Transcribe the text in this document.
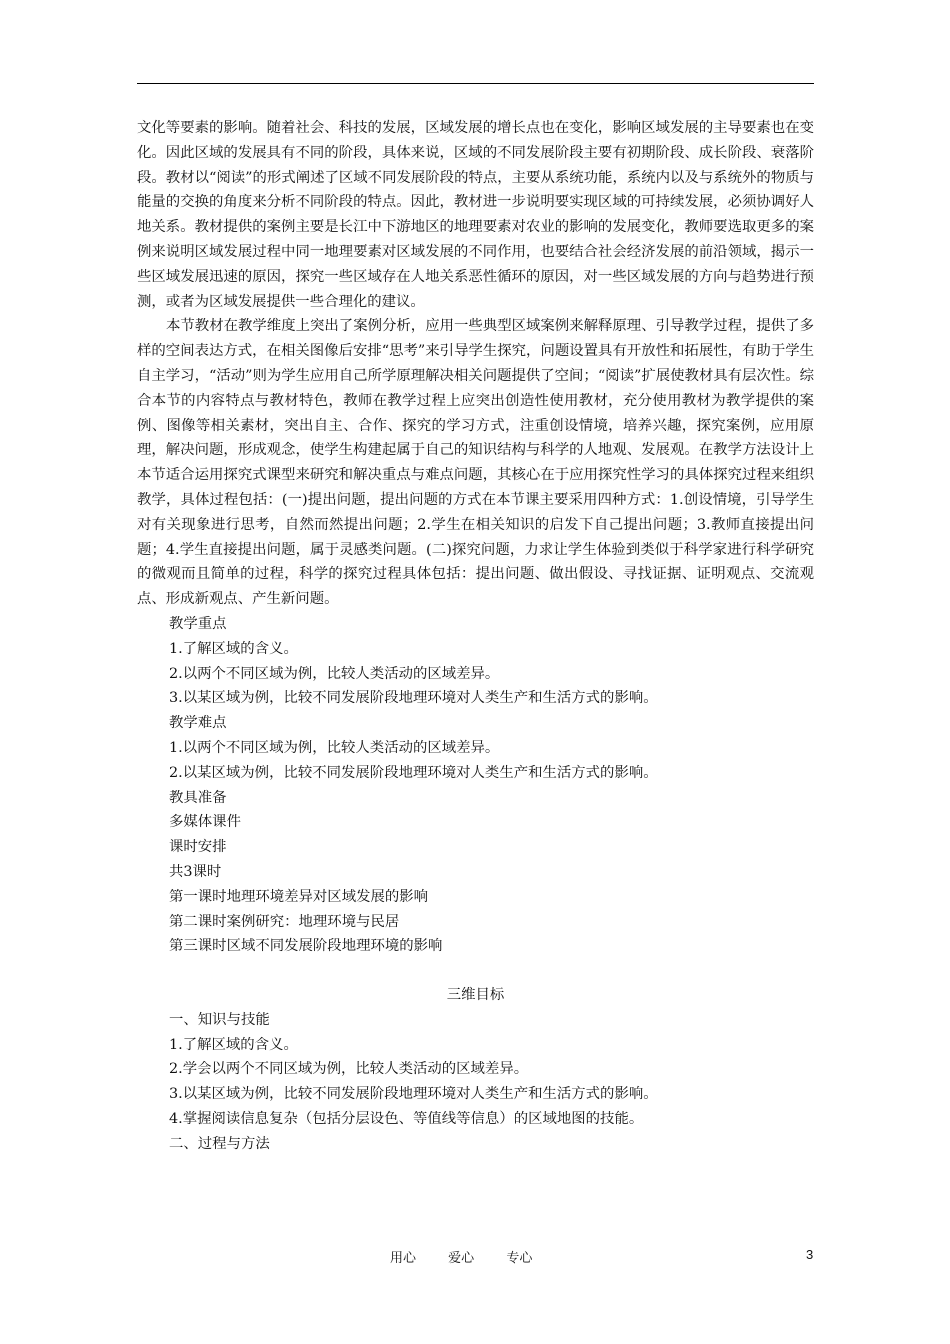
文化等要素的影响。随着社会、科技的发展，区域发展的增长点也在变化，影响区域发展的主导要素也在变化。因此区域的发展具有不同的阶段，具体来说，区域的不同发展阶段主要有初期阶段、成长阶段、衰落阶段。教材以“阅读”的形式阐述了区域不同发展阶段的特点，主要从系统功能，系统内以及与系统外的物质与能量的交换的角度来分析不同阶段的特点。因此，教材进一步说明要实现区域的可持续发展，必须协调好人地关系。教材提供的案例主要是长江中下游地区的地理要素对农业的影响的发展变化，教师要选取更多的案例来说明区域发展过程中同一地理要素对区域发展的不同作用，也要结合社会经济发展的前沿领域，揭示一些区域发展迅速的原因，探究一些区域存在人地关系恶性循环的原因，对一些区域发展的方向与趋势进行预测，或者为区域发展提供一些合理化的建议。

本节教材在教学维度上突出了案例分析，应用一些典型区域案例来解释原理、引导教学过程，提供了多样的空间表达方式，在相关图像后安排“思考”来引导学生探究，问题设置具有开放性和拓展性，有助于学生自主学习，“活动”则为学生应用自己所学原理解决相关问题提供了空间；“阅读”扩展使教材具有层次性。综合本节的内容特点与教材特色，教师在教学过程上应突出创造性使用教材，充分使用教材为教学提供的案例、图像等相关素材，突出自主、合作、探究的学习方式，注重创设情境，培养兴趣，探究案例，应用原理，解决问题，形成观念，使学生构建起属于自己的知识结构与科学的人地观、发展观。在教学方法设计上本节适合运用探究式课型来研究和解决重点与难点问题，其核心在于应用探究性学习的具体探究过程来组织教学，具体过程包括：(一)提出问题，提出问题的方式在本节课主要采用四种方式：1.创设情境，引导学生对有关现象进行思考，自然而然提出问题；2.学生在相关知识的启发下自己提出问题；3.教师直接提出问题；4.学生直接提出问题，属于灵感类问题。(二)探究问题，力求让学生体验到类似于科学家进行科学研究的微观而且简单的过程，科学的探究过程具体包括：提出问题、做出假设、寻找证据、证明观点、交流观点、形成新观点、产生新问题。

教学重点

1.了解区域的含义。

2.以两个不同区域为例，比较人类活动的区域差异。

3.以某区域为例，比较不同发展阶段地理环境对人类生产和生活方式的影响。

教学难点

1.以两个不同区域为例，比较人类活动的区域差异。

2.以某区域为例，比较不同发展阶段地理环境对人类生产和生活方式的影响。

教具准备

多媒体课件

课时安排

共3课时

第一课时地理环境差异对区域发展的影响

第二课时案例研究：地理环境与民居

第三课时区域不同发展阶段地理环境的影响

三维目标

一、知识与技能

1.了解区域的含义。

2.学会以两个不同区域为例，比较人类活动的区域差异。

3.以某区域为例，比较不同发展阶段地理环境对人类生产和生活方式的影响。

4.掌握阅读信息复杂（包括分层设色、等值线等信息）的区域地图的技能。

二、过程与方法

用心 爱心 专心	3
